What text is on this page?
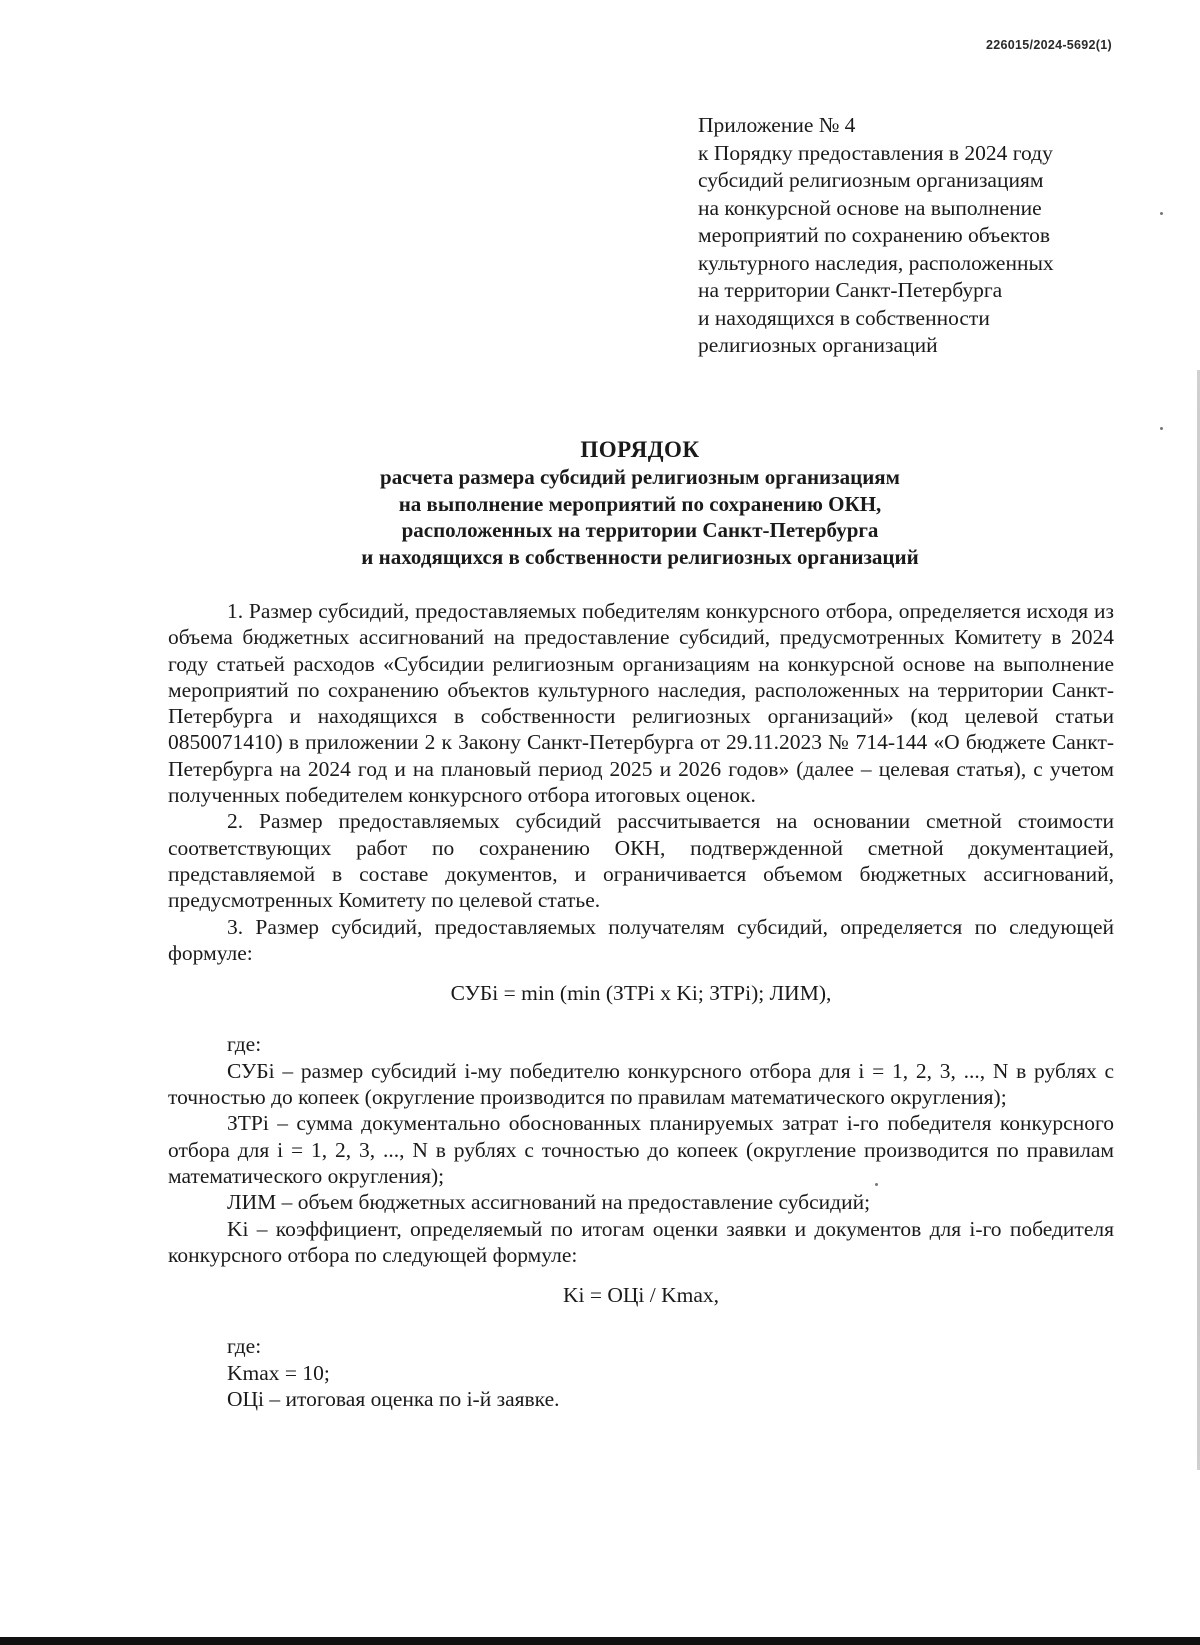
226015/2024-5692(1)
Приложение № 4
к Порядку предоставления в 2024 году
субсидий религиозным организациям
на конкурсной основе на выполнение
мероприятий по сохранению объектов
культурного наследия, расположенных
на территории Санкт-Петербурга
и находящихся в собственности
религиозных организаций
ПОРЯДОК
расчета размера субсидий религиозным организациям
на выполнение мероприятий по сохранению ОКН,
расположенных на территории Санкт-Петербурга
и находящихся в собственности религиозных организаций

1. Размер субсидий, предоставляемых победителям конкурсного отбора, определяется исходя из объема бюджетных ассигнований на предоставление субсидий, предусмотренных Комитету в 2024 году статьей расходов «Субсидии религиозным организациям на конкурсной основе на выполнение мероприятий по сохранению объектов культурного наследия, расположенных на территории Санкт-Петербурга и находящихся в собственности религиозных организаций» (код целевой статьи 0850071410) в приложении 2 к Закону Санкт-Петербурга от 29.11.2023 № 714-144 «О бюджете Санкт-Петербурга на 2024 год и на плановый период 2025 и 2026 годов» (далее – целевая статья), с учетом полученных победителем конкурсного отбора итоговых оценок.

2. Размер предоставляемых субсидий рассчитывается на основании сметной стоимости соответствующих работ по сохранению ОКН, подтвержденной сметной документацией, представляемой в составе документов, и ограничивается объемом бюджетных ассигнований, предусмотренных Комитету по целевой статье.

3. Размер субсидий, предоставляемых получателям субсидий, определяется по следующей формуле:

СУБi = min (min (ЗТРi x Ki; ЗТРi); ЛИМ),

где:

СУБi – размер субсидий i-му победителю конкурсного отбора для i = 1, 2, 3, ..., N в рублях с точностью до копеек (округление производится по правилам математического округления);

ЗТРi – сумма документально обоснованных планируемых затрат i-го победителя конкурсного отбора для i = 1, 2, 3, ..., N в рублях с точностью до копеек (округление производится по правилам математического округления);

ЛИМ – объем бюджетных ассигнований на предоставление субсидий;

Ki – коэффициент, определяемый по итогам оценки заявки и документов для i-го победителя конкурсного отбора по следующей формуле:

Ki = ОЦi / Kmax,

где:

Kmax = 10;

ОЦi – итоговая оценка по i-й заявке.
